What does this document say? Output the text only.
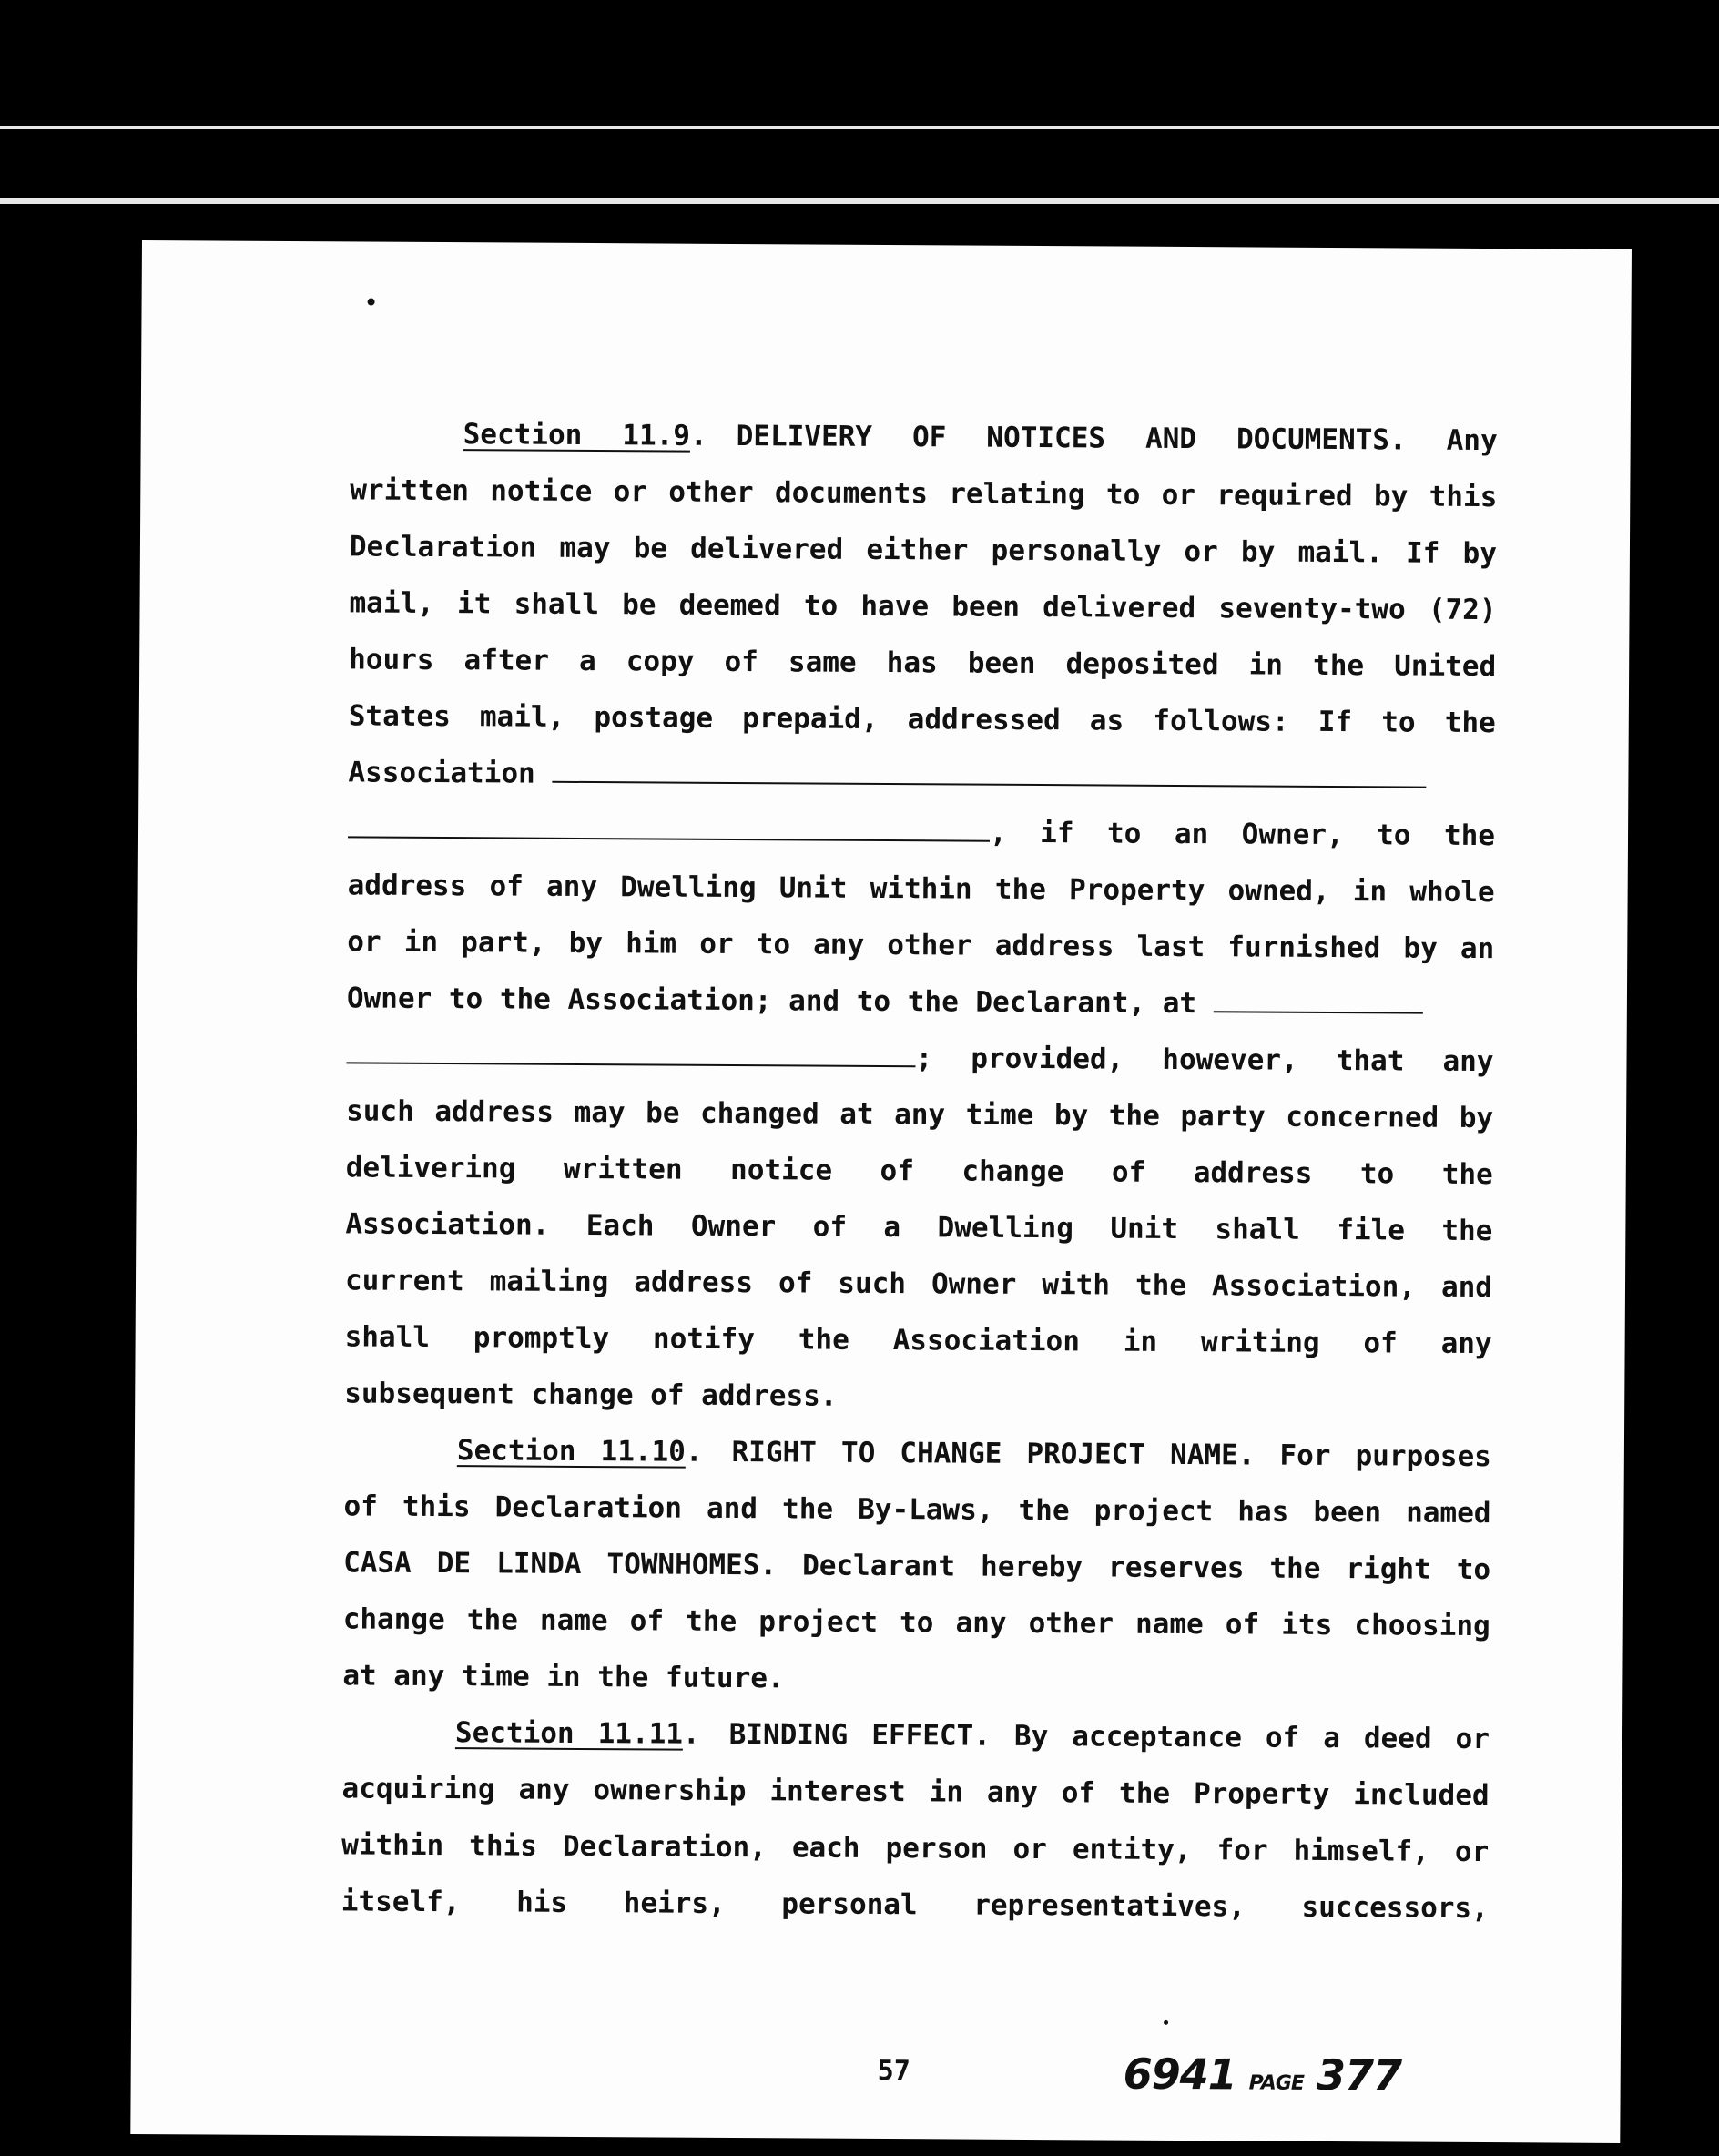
Section 11.9. DELIVERY OF NOTICES AND DOCUMENTS. Any
written notice or other documents relating to or required by this
Declaration may be delivered either personally or by mail. If by
mail, it shall be deemed to have been delivered seventy-two (72)
hours after a copy of same has been deposited in the United
States mail, postage prepaid, addressed as follows: If to the

Association

, if to an Owner, to the
address of any Dwelling Unit within the Property owned, in whole
or in part, by him or to any other address last furnished by an

Owner to the Association; and to the Declarant, at

; provided, however, that any
such address may be changed at any time by the party concerned by
delivering written notice of change of address to the
Association. Each Owner of a Dwelling Unit shall file the
current mailing address of such Owner with the Association, and
shall promptly notify the Association in writing of any

subsequent change of address.

Section 11.10. RIGHT TO CHANGE PROJECT NAME. For purposes
of this Declaration and the By-Laws, the project has been named
CASA DE LINDA TOWNHOMES. Declarant hereby reserves the right to
change the name of the project to any other name of its choosing

at any time in the future.

Section 11.11. BINDING EFFECT. By acceptance of a deed or
acquiring any ownership interest in any of the Property included
within this Declaration, each person or entity, for himself, or
itself, his heirs, personal representatives, successors,

57	6941 PAGE 377
